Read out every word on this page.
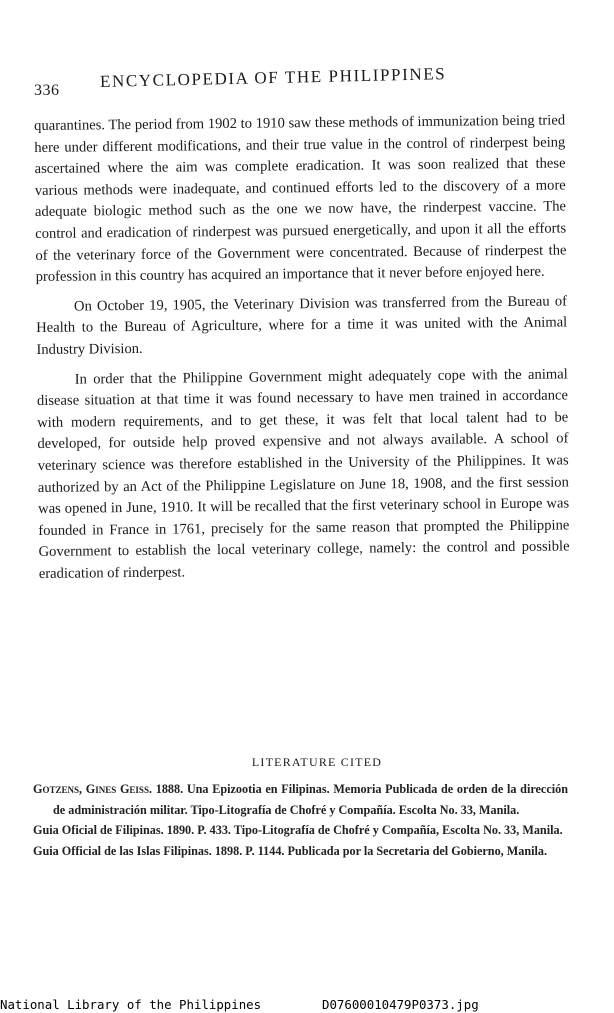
336 ENCYCLOPEDIA OF THE PHILIPPINES

quarantines. The period from 1902 to 1910 saw these methods of immunization being tried here under different modifications, and their true value in the control of rinderpest being ascertained where the aim was complete eradication. It was soon realized that these various methods were inadequate, and continued efforts led to the discovery of a more adequate biologic method such as the one we now have, the rinderpest vaccine. The control and eradication of rinderpest was pursued energetically, and upon it all the efforts of the veterinary force of the Government were concentrated. Because of rinderpest the profession in this country has acquired an importance that it never before enjoyed here.

On October 19, 1905, the Veterinary Division was transferred from the Bureau of Health to the Bureau of Agriculture, where for a time it was united with the Animal Industry Division.

In order that the Philippine Government might adequately cope with the animal disease situation at that time it was found necessary to have men trained in accordance with modern requirements, and to get these, it was felt that local talent had to be developed, for outside help proved expensive and not always available. A school of veterinary science was therefore established in the University of the Philippines. It was authorized by an Act of the Philippine Legislature on June 18, 1908, and the first session was opened in June, 1910. It will be recalled that the first veterinary school in Europe was founded in France in 1761, precisely for the same reason that prompted the Philippine Government to establish the local veterinary college, namely: the control and possible eradication of rinderpest.

LITERATURE CITED
Gotzens, Gines Geiss. 1888. Una Epizootia en Filipinas. Memoria Publicada de orden de la dirección de administración militar. Tipo-Litografía de Chofré y Compañía. Escolta No. 33, Manila.
Guia Oficial de Filipinas. 1890. P. 433. Tipo-Litografía de Chofré y Compañía, Escolta No. 33, Manila.
Guia Official de las Islas Filipinas. 1898. P. 1144. Publicada por la Secretaria del Gobierno, Manila.
National Library of the Philippines	D07600010479P0373.jpg
